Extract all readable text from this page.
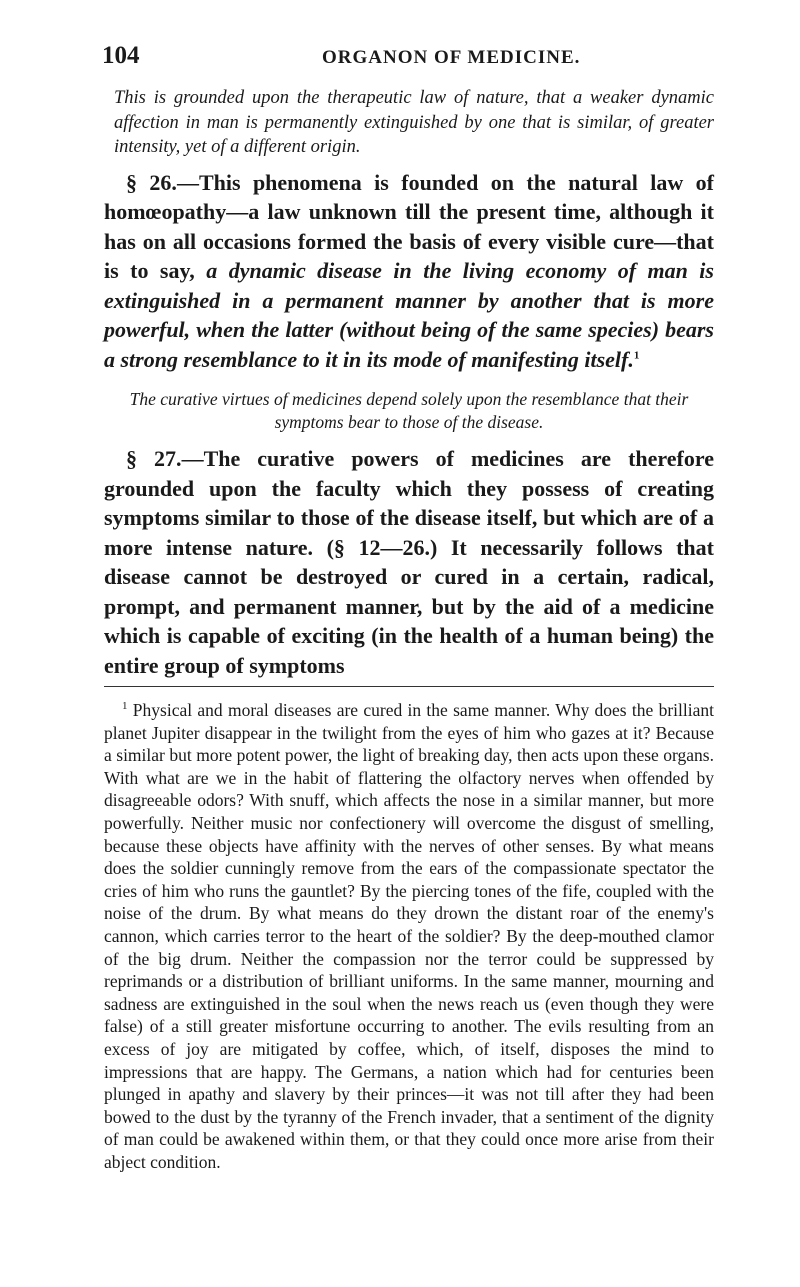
104	ORGANON OF MEDICINE.

This is grounded upon the therapeutic law of nature, that a weaker dynamic affection in man is permanently extinguished by one that is similar, of greater intensity, yet of a different origin.

§ 26.—This phenomena is founded on the natural law of homœopathy—a law unknown till the present time, although it has on all occasions formed the basis of every visible cure—that is to say, a dynamic disease in the living economy of man is extinguished in a permanent manner by another that is more powerful, when the latter (without being of the same species) bears a strong resemblance to it in its mode of manifesting itself.$^1$

The curative virtues of medicines depend solely upon the resemblance that their symptoms bear to those of the disease.

§ 27.—The curative powers of medicines are therefore grounded upon the faculty which they possess of creating symptoms similar to those of the disease itself, but which are of a more intense nature. (§ 12—26.) It necessarily follows that disease cannot be destroyed or cured in a certain, radical, prompt, and permanent manner, but by the aid of a medicine which is capable of exciting (in the health of a human being) the entire group of symptoms

$^1$ Physical and moral diseases are cured in the same manner. Why does the brilliant planet Jupiter disappear in the twilight from the eyes of him who gazes at it? Because a similar but more potent power, the light of breaking day, then acts upon these organs. With what are we in the habit of flattering the olfactory nerves when offended by disagreeable odors? With snuff, which affects the nose in a similar manner, but more powerfully. Neither music nor confectionery will overcome the disgust of smelling, because these objects have affinity with the nerves of other senses. By what means does the soldier cunningly remove from the ears of the compassionate spectator the cries of him who runs the gauntlet? By the piercing tones of the fife, coupled with the noise of the drum. By what means do they drown the distant roar of the enemy's cannon, which carries terror to the heart of the soldier? By the deep-mouthed clamor of the big drum. Neither the compassion nor the terror could be suppressed by reprimands or a distribution of brilliant uniforms. In the same manner, mourning and sadness are extinguished in the soul when the news reach us (even though they were false) of a still greater misfortune occurring to another. The evils resulting from an excess of joy are mitigated by coffee, which, of itself, disposes the mind to impressions that are happy. The Germans, a nation which had for centuries been plunged in apathy and slavery by their princes—it was not till after they had been bowed to the dust by the tyranny of the French invader, that a sentiment of the dignity of man could be awakened within them, or that they could once more arise from their abject condition.
